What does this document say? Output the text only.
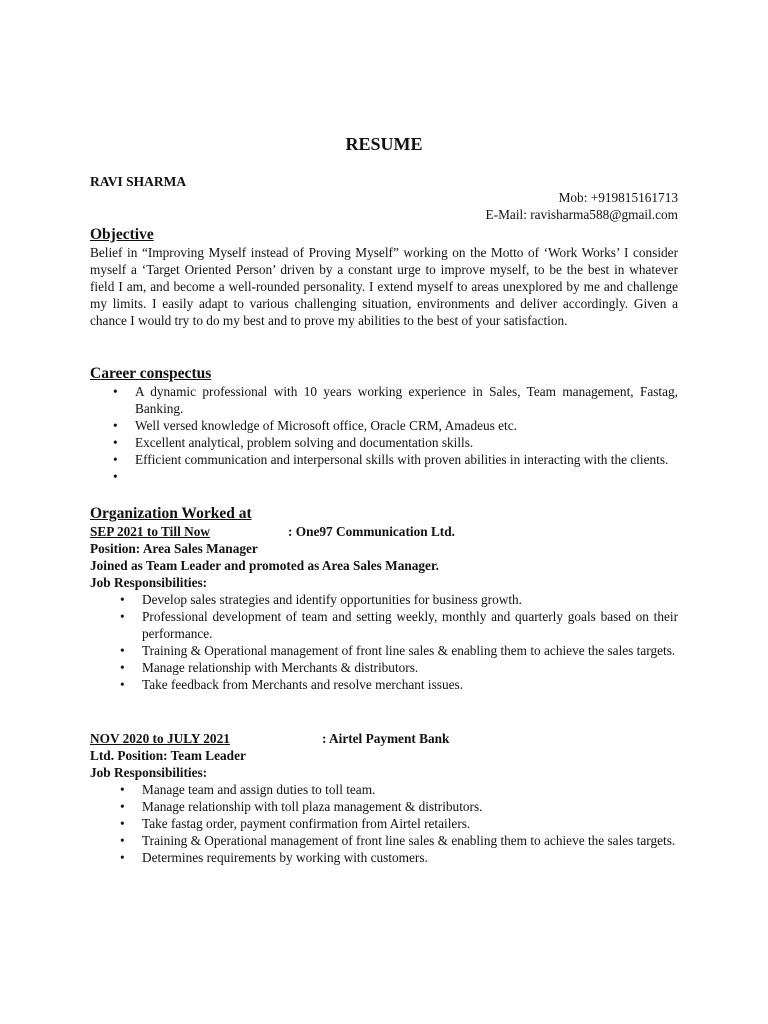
RESUME
RAVI SHARMA
Mob: +919815161713
E-Mail: ravisharma588@gmail.com
Objective
Belief in “Improving Myself instead of Proving Myself” working on the Motto of ‘Work Works’ I consider myself a ‘Target Oriented Person’ driven by a constant urge to improve myself, to be the best in whatever field I am, and become a well-rounded personality. I extend myself to areas unexplored by me and challenge my limits. I easily adapt to various challenging situation, environments and deliver accordingly. Given a chance I would try to do my best and to prove my abilities to the best of your satisfaction.
Career conspectus
• A dynamic professional with 10 years working experience in Sales, Team management, Fastag, Banking.
• Well versed knowledge of Microsoft office, Oracle CRM, Amadeus etc.
• Excellent analytical, problem solving and documentation skills.
• Efficient communication and interpersonal skills with proven abilities in interacting with the clients.
•
Organization Worked at
SEP 2021 to Till Now	: One97 Communication Ltd.
Position: Area Sales Manager
Joined as Team Leader and promoted as Area Sales Manager.
Job Responsibilities:
• Develop sales strategies and identify opportunities for business growth.
• Professional development of team and setting weekly, monthly and quarterly goals based on their performance.
• Training & Operational management of front line sales & enabling them to achieve the sales targets.
• Manage relationship with Merchants & distributors.
• Take feedback from Merchants and resolve merchant issues.
NOV 2020 to JULY 2021	: Airtel Payment Bank
Ltd. Position: Team Leader
Job Responsibilities:
• Manage team and assign duties to toll team.
• Manage relationship with toll plaza management & distributors.
• Take fastag order, payment confirmation from Airtel retailers.
• Training & Operational management of front line sales & enabling them to achieve the sales targets.
• Determines requirements by working with customers.
